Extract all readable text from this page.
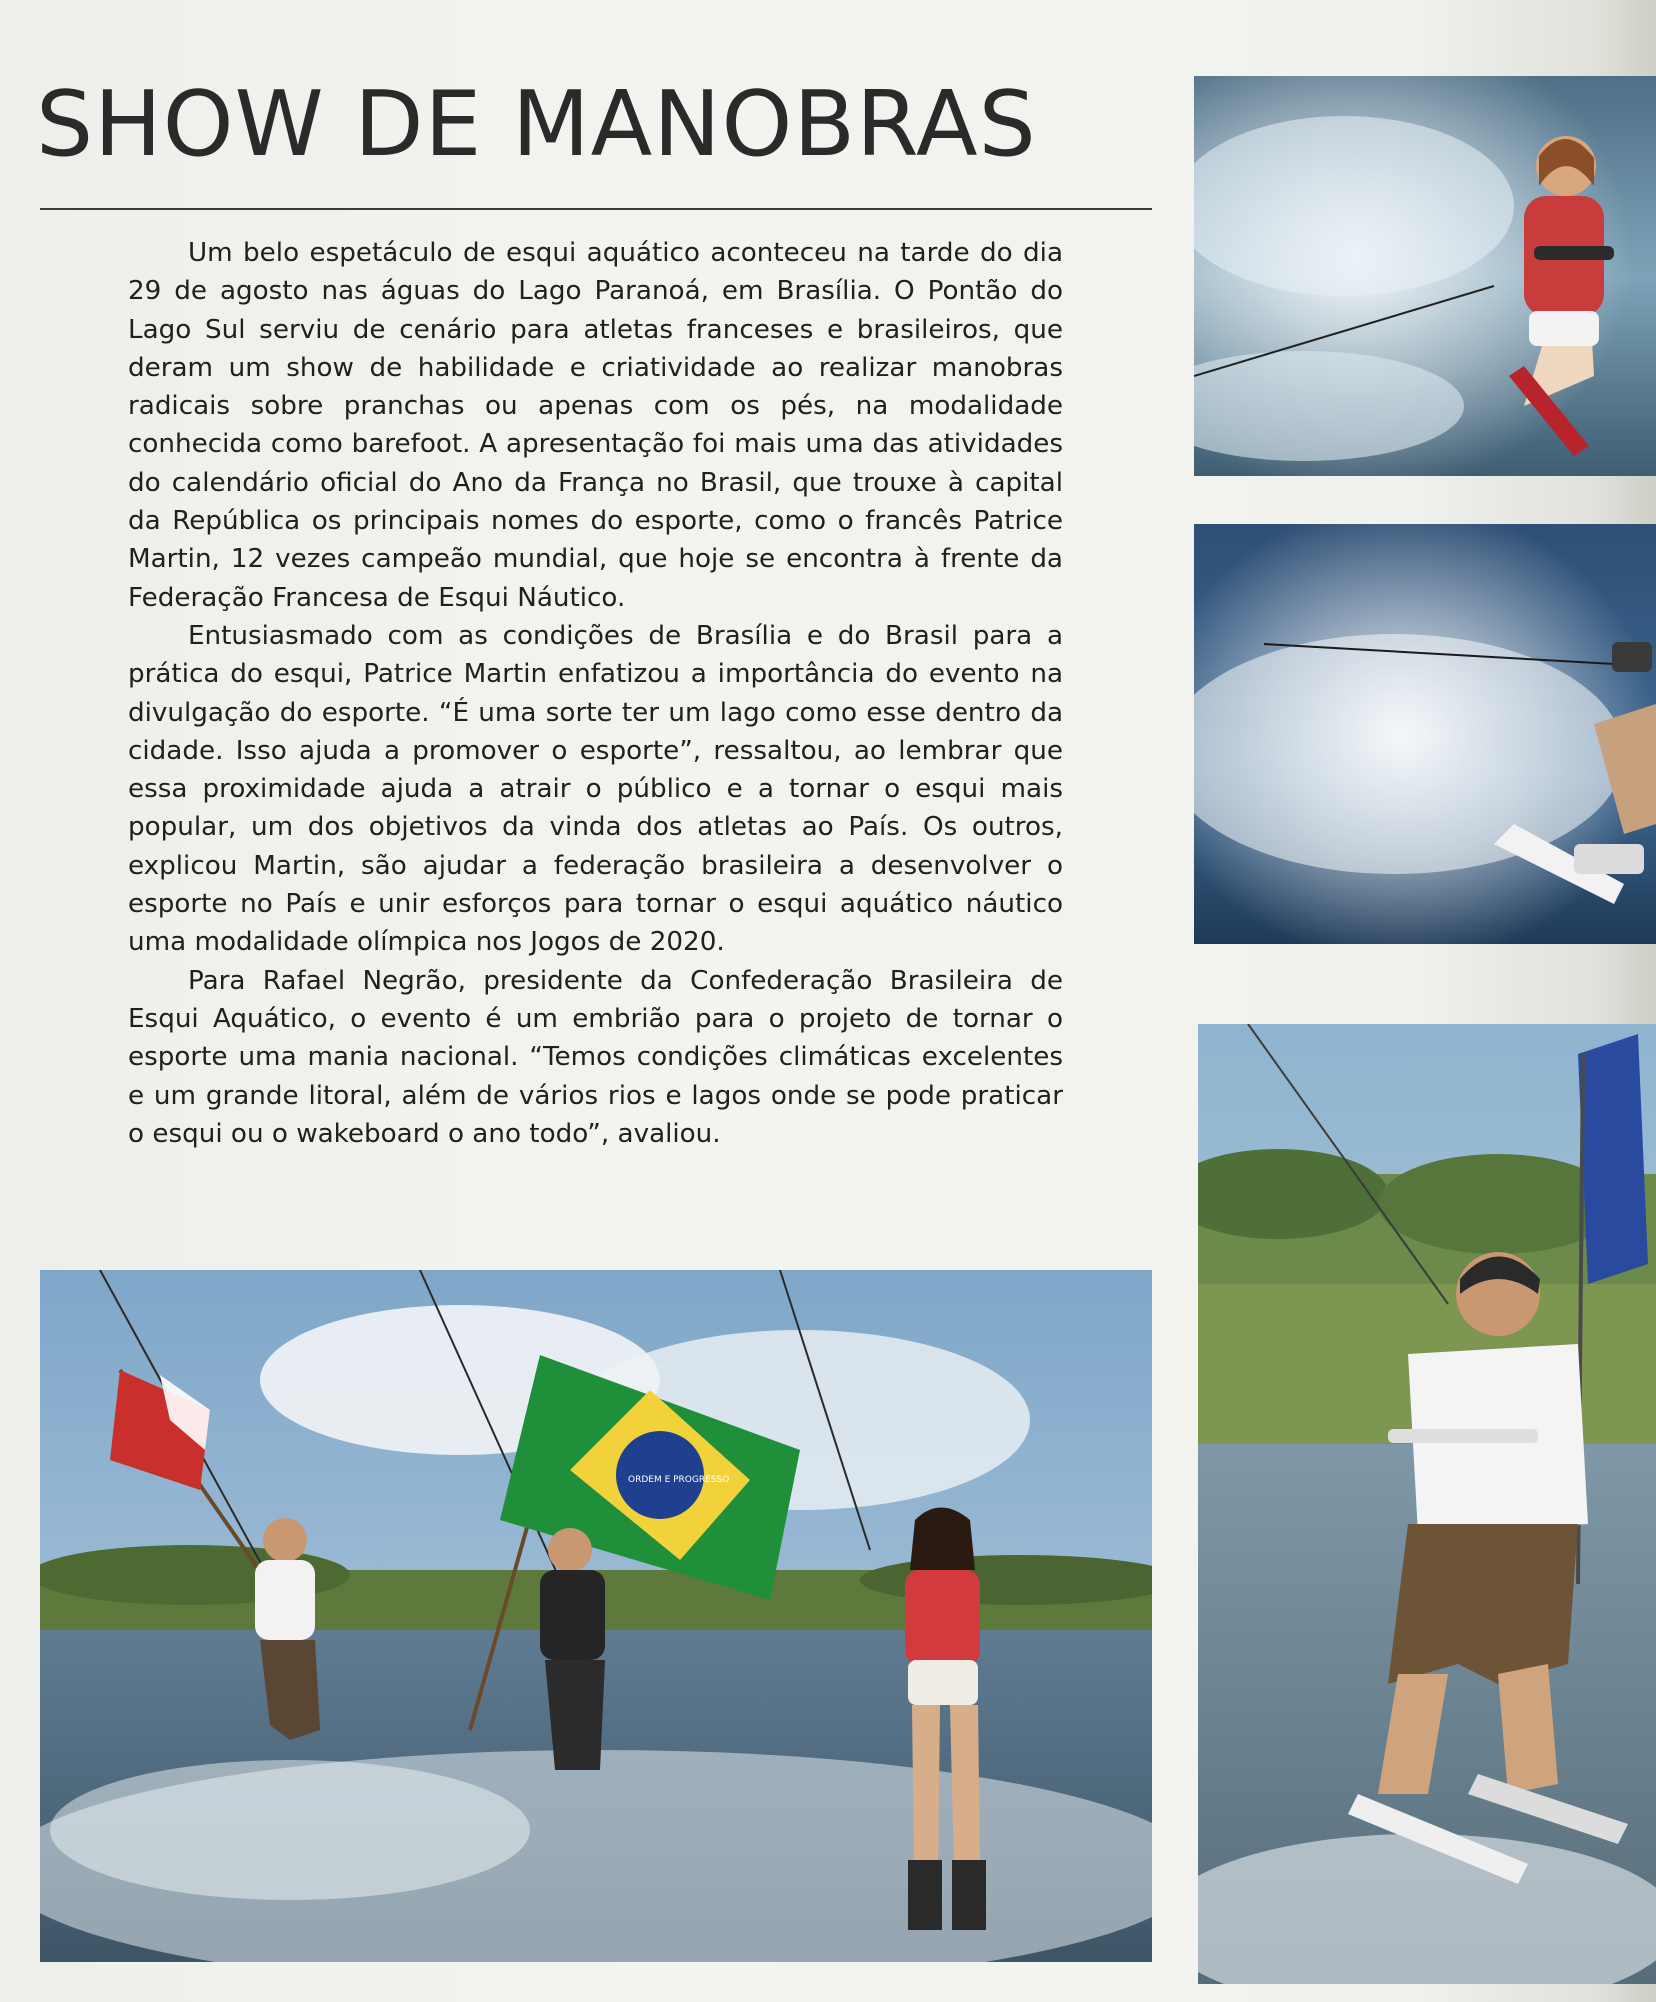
SHOW DE MANOBRAS

Um belo espetáculo de esqui aquático aconteceu na tarde do dia 29 de agosto nas águas do Lago Paranoá, em Brasília. O Pontão do Lago Sul serviu de cenário para atletas franceses e brasileiros, que deram um show de habilidade e criatividade ao realizar manobras radicais sobre pranchas ou apenas com os pés, na modalidade conhecida como barefoot. A apresentação foi mais uma das atividades do calendário oficial do Ano da França no Brasil, que trouxe à capital da República os principais nomes do esporte, como o francês Patrice Martin, 12 vezes campeão mundial, que hoje se encontra à frente da Federação Francesa de Esqui Náutico.

Entusiasmado com as condições de Brasília e do Brasil para a prática do esqui, Patrice Martin enfatizou a importância do evento na divulgação do esporte. “É uma sorte ter um lago como esse dentro da cidade. Isso ajuda a promover o esporte”, ressaltou, ao lembrar que essa proximidade ajuda a atrair o público e a tornar o esqui mais popular, um dos objetivos da vinda dos atletas ao País. Os outros, explicou Martin, são ajudar a federação brasileira a desenvolver o esporte no País e unir esforços para tornar o esqui aquático náutico uma modalidade olímpica nos Jogos de 2020.

Para Rafael Negrão, presidente da Confederação Brasileira de Esqui Aquático, o evento é um embrião para o projeto de tornar o esporte uma mania nacional. “Temos condições climáticas excelentes e um grande litoral, além de vários rios e lagos onde se pode praticar o esqui ou o wakeboard o ano todo”, avaliou.

ORDEM E PROGRESSO
